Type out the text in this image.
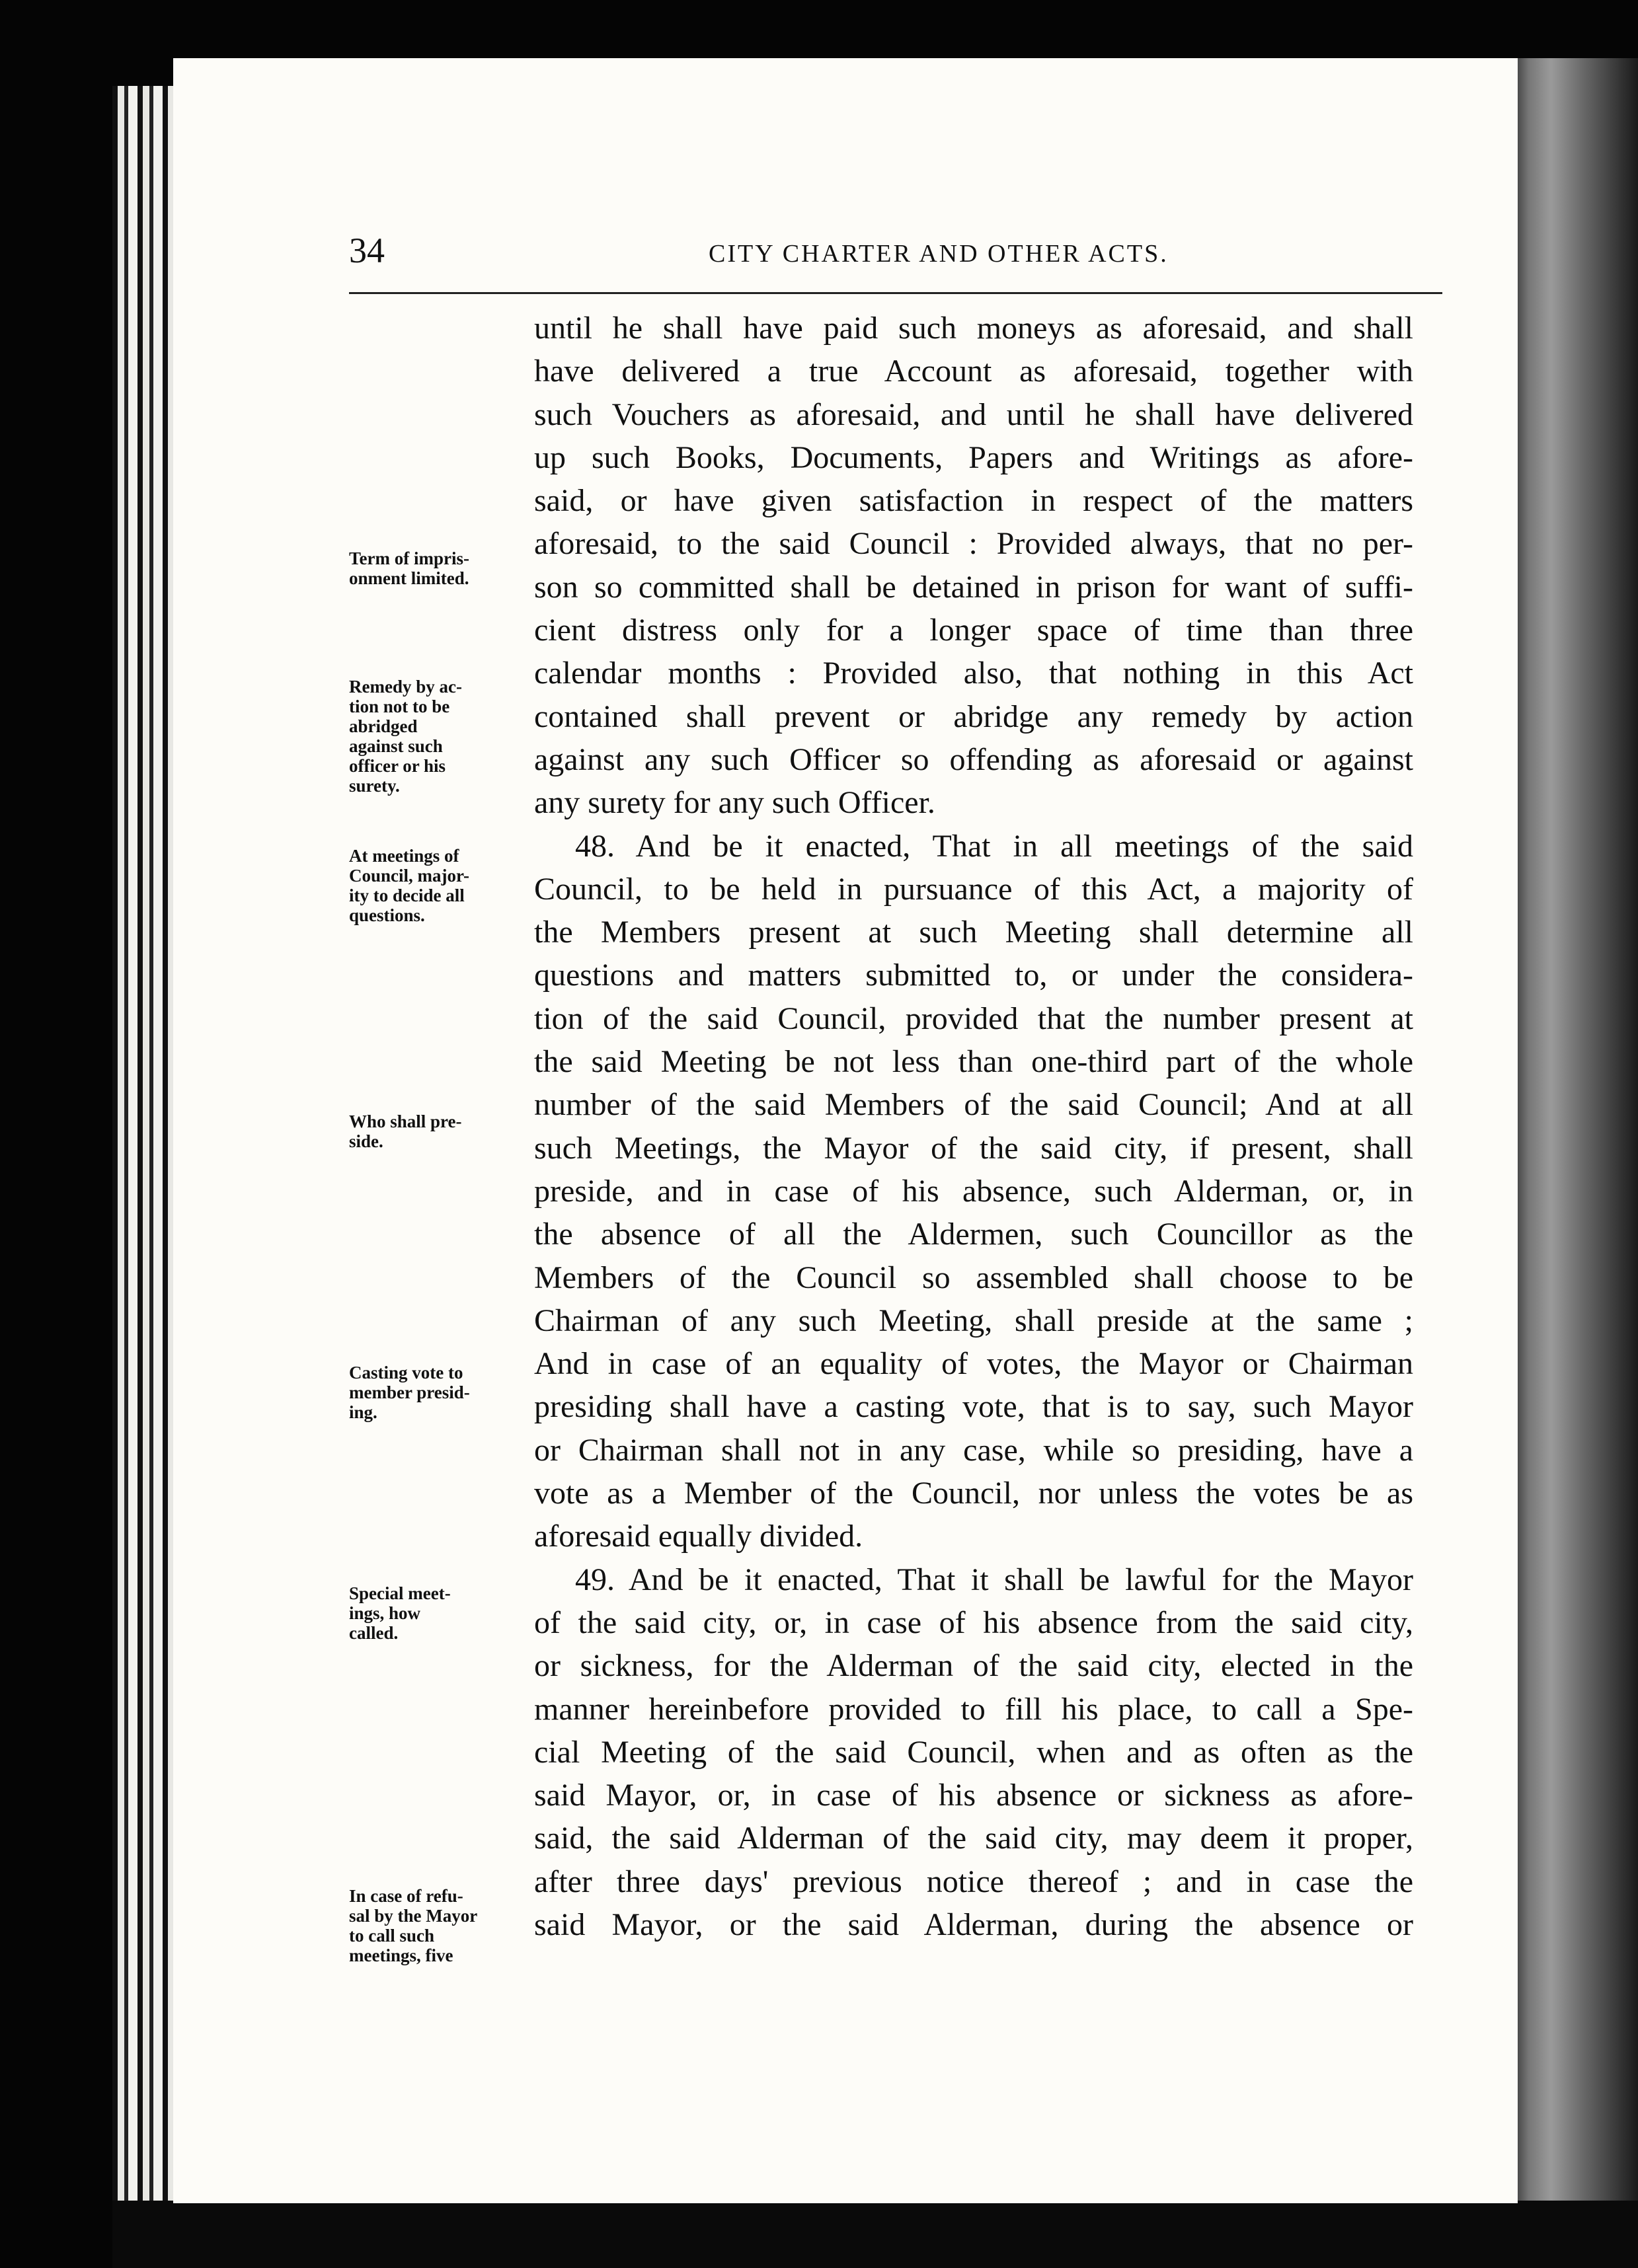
34	CITY CHARTER AND OTHER ACTS.
Term of impris-
onment limited.
Remedy by ac-
tion not to be
abridged
against such
officer or his
surety.
At meetings of
Council, major-
ity to decide all
questions.
Who shall pre-
side.
Casting vote to
member presid-
ing.
Special meet-
ings, how
called.
In case of refu-
sal by the Mayor
to call such
meetings, five
until he shall have paid such moneys as aforesaid, and shall
have delivered a true Account as aforesaid, together with
such Vouchers as aforesaid, and until he shall have delivered
up such Books, Documents, Papers and Writings as afore-
said, or have given satisfaction in respect of the matters
aforesaid, to the said Council : Provided always, that no per-
son so committed shall be detained in prison for want of suffi-
cient distress only for a longer space of time than three
calendar months : Provided also, that nothing in this Act
contained shall prevent or abridge any remedy by action
against any such Officer so offending as aforesaid or against
any surety for any such Officer.
48. And be it enacted, That in all meetings of the said
Council, to be held in pursuance of this Act, a majority of
the Members present at such Meeting shall determine all
questions and matters submitted to, or under the considera-
tion of the said Council, provided that the number present at
the said Meeting be not less than one-third part of the whole
number of the said Members of the said Council; And at all
such Meetings, the Mayor of the said city, if present, shall
preside, and in case of his absence, such Alderman, or, in
the absence of all the Aldermen, such Councillor as the
Members of the Council so assembled shall choose to be
Chairman of any such Meeting, shall preside at the same ;
And in case of an equality of votes, the Mayor or Chairman
presiding shall have a casting vote, that is to say, such Mayor
or Chairman shall not in any case, while so presiding, have a
vote as a Member of the Council, nor unless the votes be as
aforesaid equally divided.
49. And be it enacted, That it shall be lawful for the Mayor
of the said city, or, in case of his absence from the said city,
or sickness, for the Alderman of the said city, elected in the
manner hereinbefore provided to fill his place, to call a Spe-
cial Meeting of the said Council, when and as often as the
said Mayor, or, in case of his absence or sickness as afore-
said, the said Alderman of the said city, may deem it proper,
after three days' previous notice thereof ; and in case the
said Mayor, or the said Alderman, during the absence or
